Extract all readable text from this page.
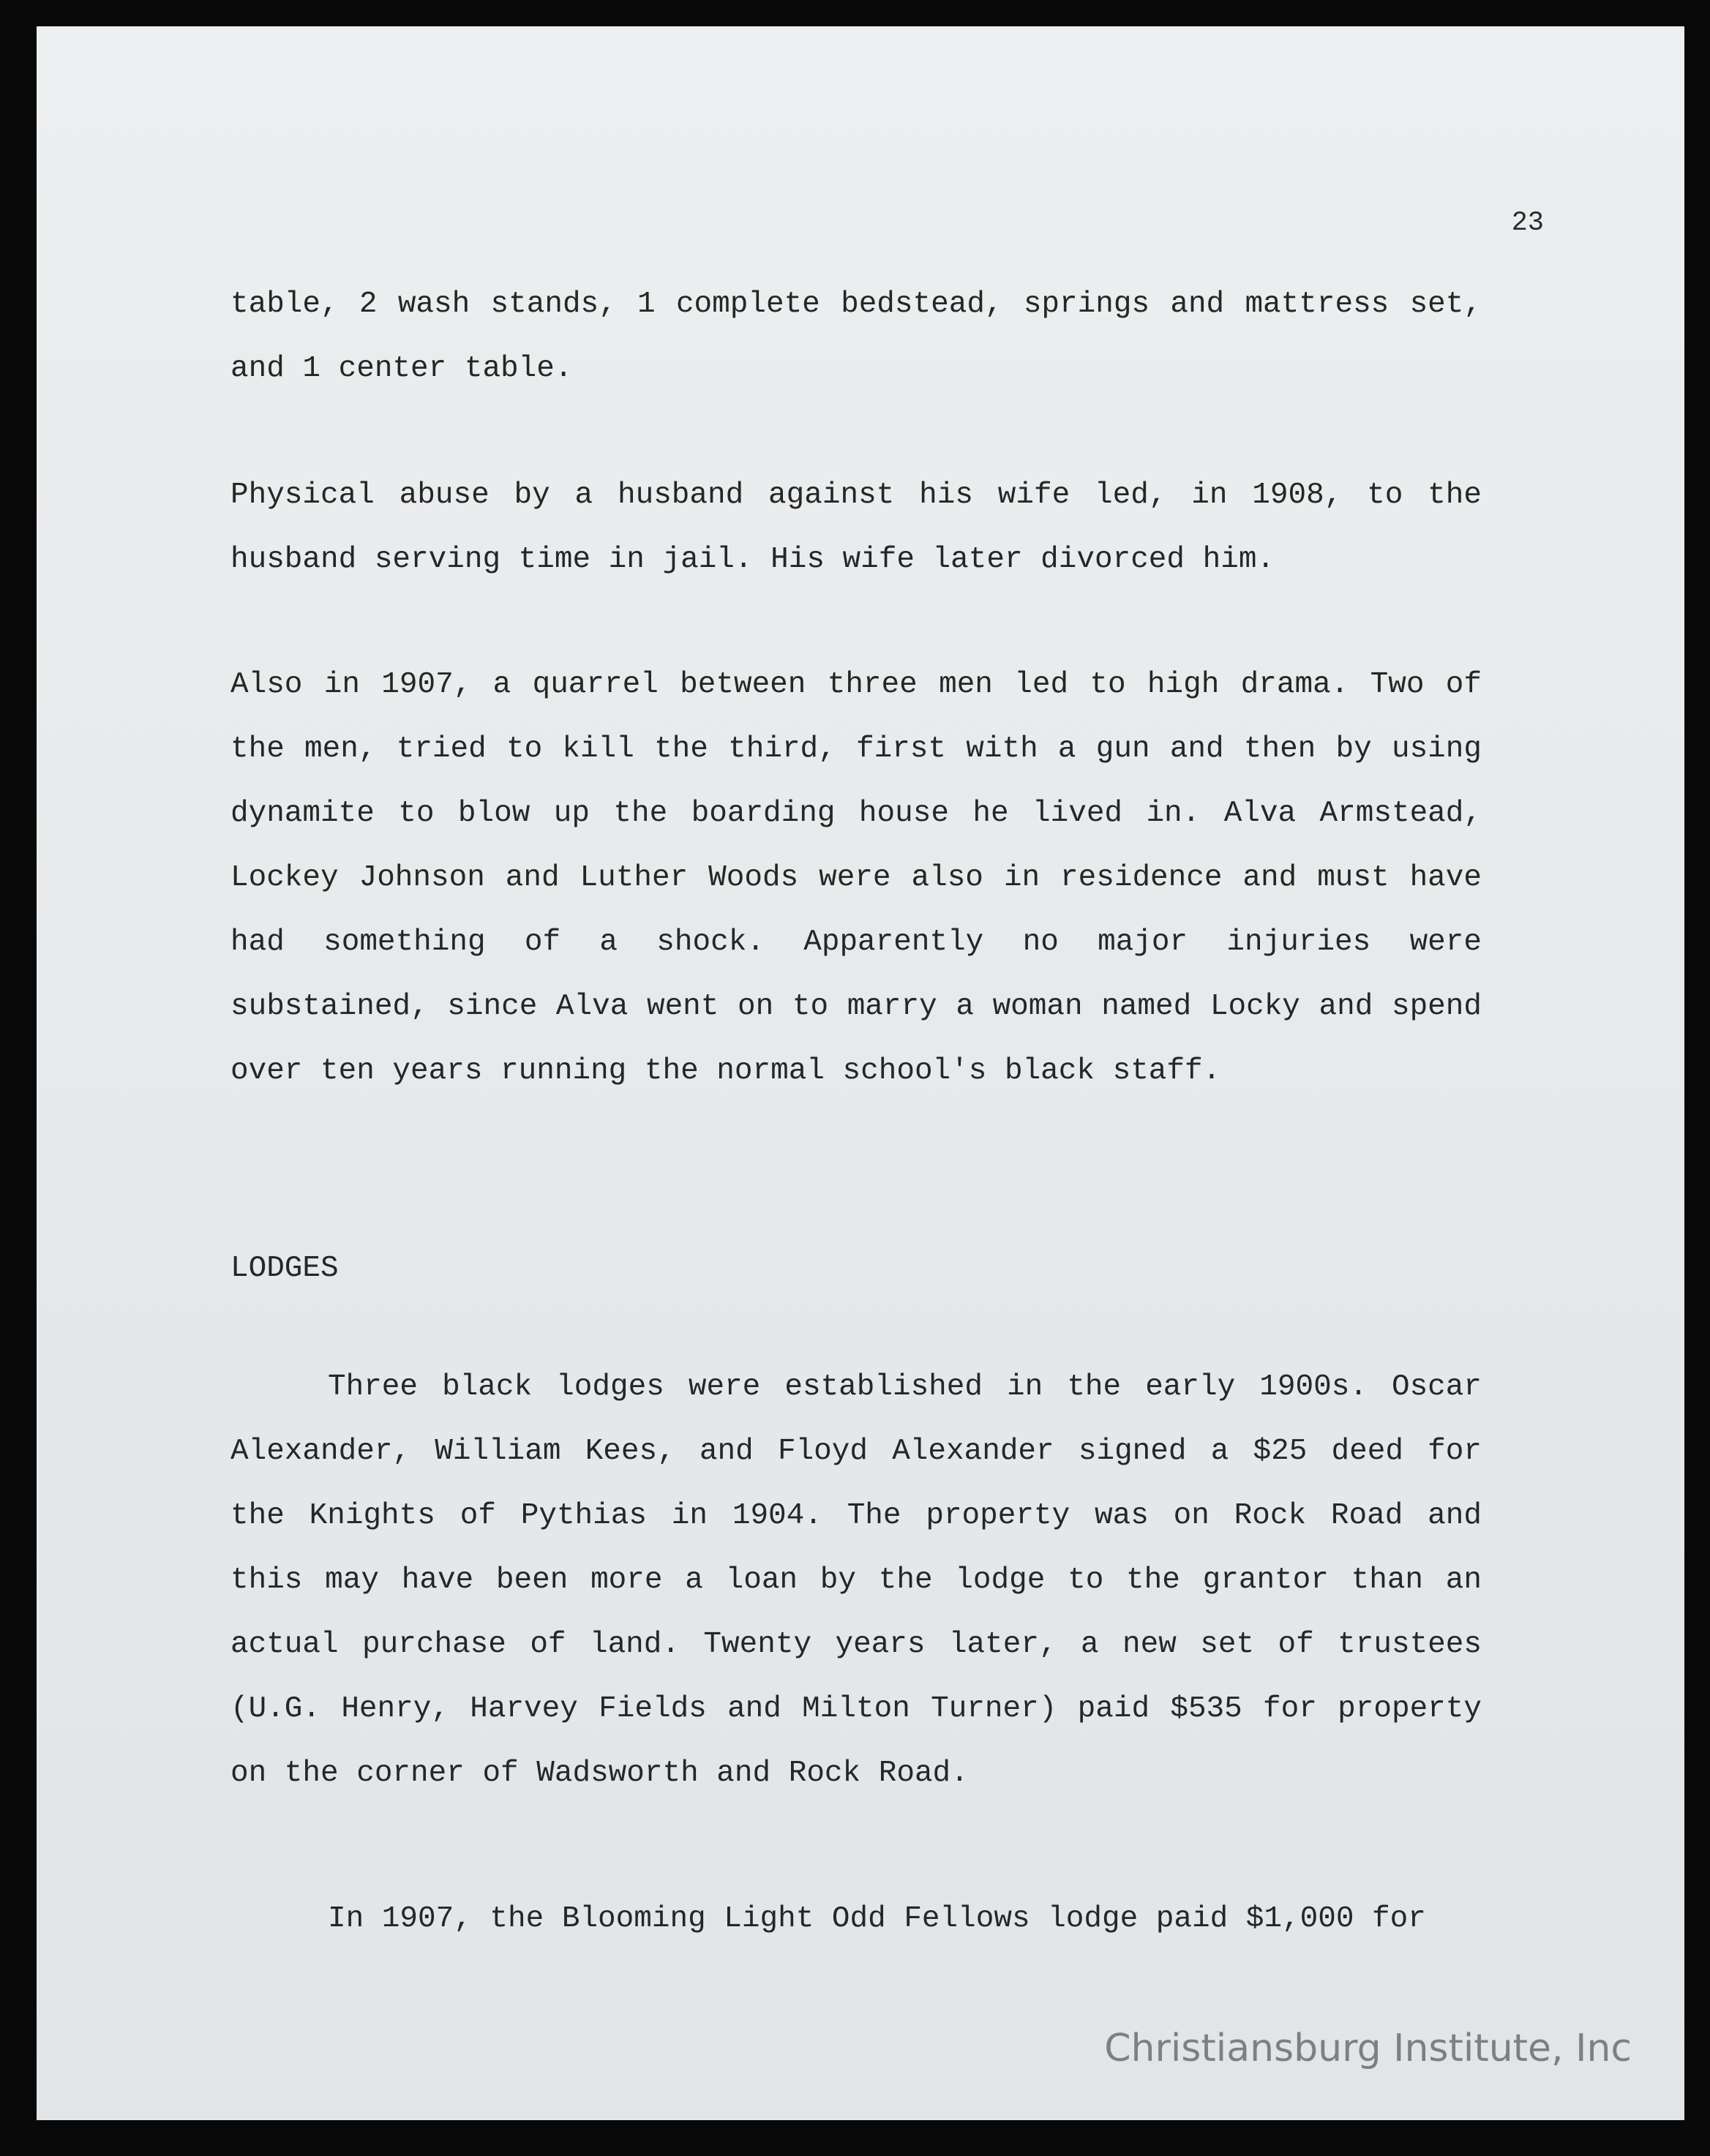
23

table, 2 wash stands, 1 complete bedstead, springs and mattress set, and 1 center table.

Physical abuse by a husband against his wife led, in 1908, to the husband serving time in jail. His wife later divorced him.

Also in 1907, a quarrel between three men led to high drama. Two of the men, tried to kill the third, first with a gun and then by using dynamite to blow up the boarding house he lived in. Alva Armstead, Lockey Johnson and Luther Woods were also in residence and must have had something of a shock. Apparently no major injuries were substained, since Alva went on to marry a woman named Locky and spend over ten years running the normal school's black staff.

LODGES

Three black lodges were established in the early 1900s. Oscar Alexander, William Kees, and Floyd Alexander signed a $25 deed for the Knights of Pythias in 1904. The property was on Rock Road and this may have been more a loan by the lodge to the grantor than an actual purchase of land. Twenty years later, a new set of trustees (U.G. Henry, Harvey Fields and Milton Turner) paid $535 for property on the corner of Wadsworth and Rock Road.

In 1907, the Blooming Light Odd Fellows lodge paid $1,000 for

Christiansburg Institute, Inc
